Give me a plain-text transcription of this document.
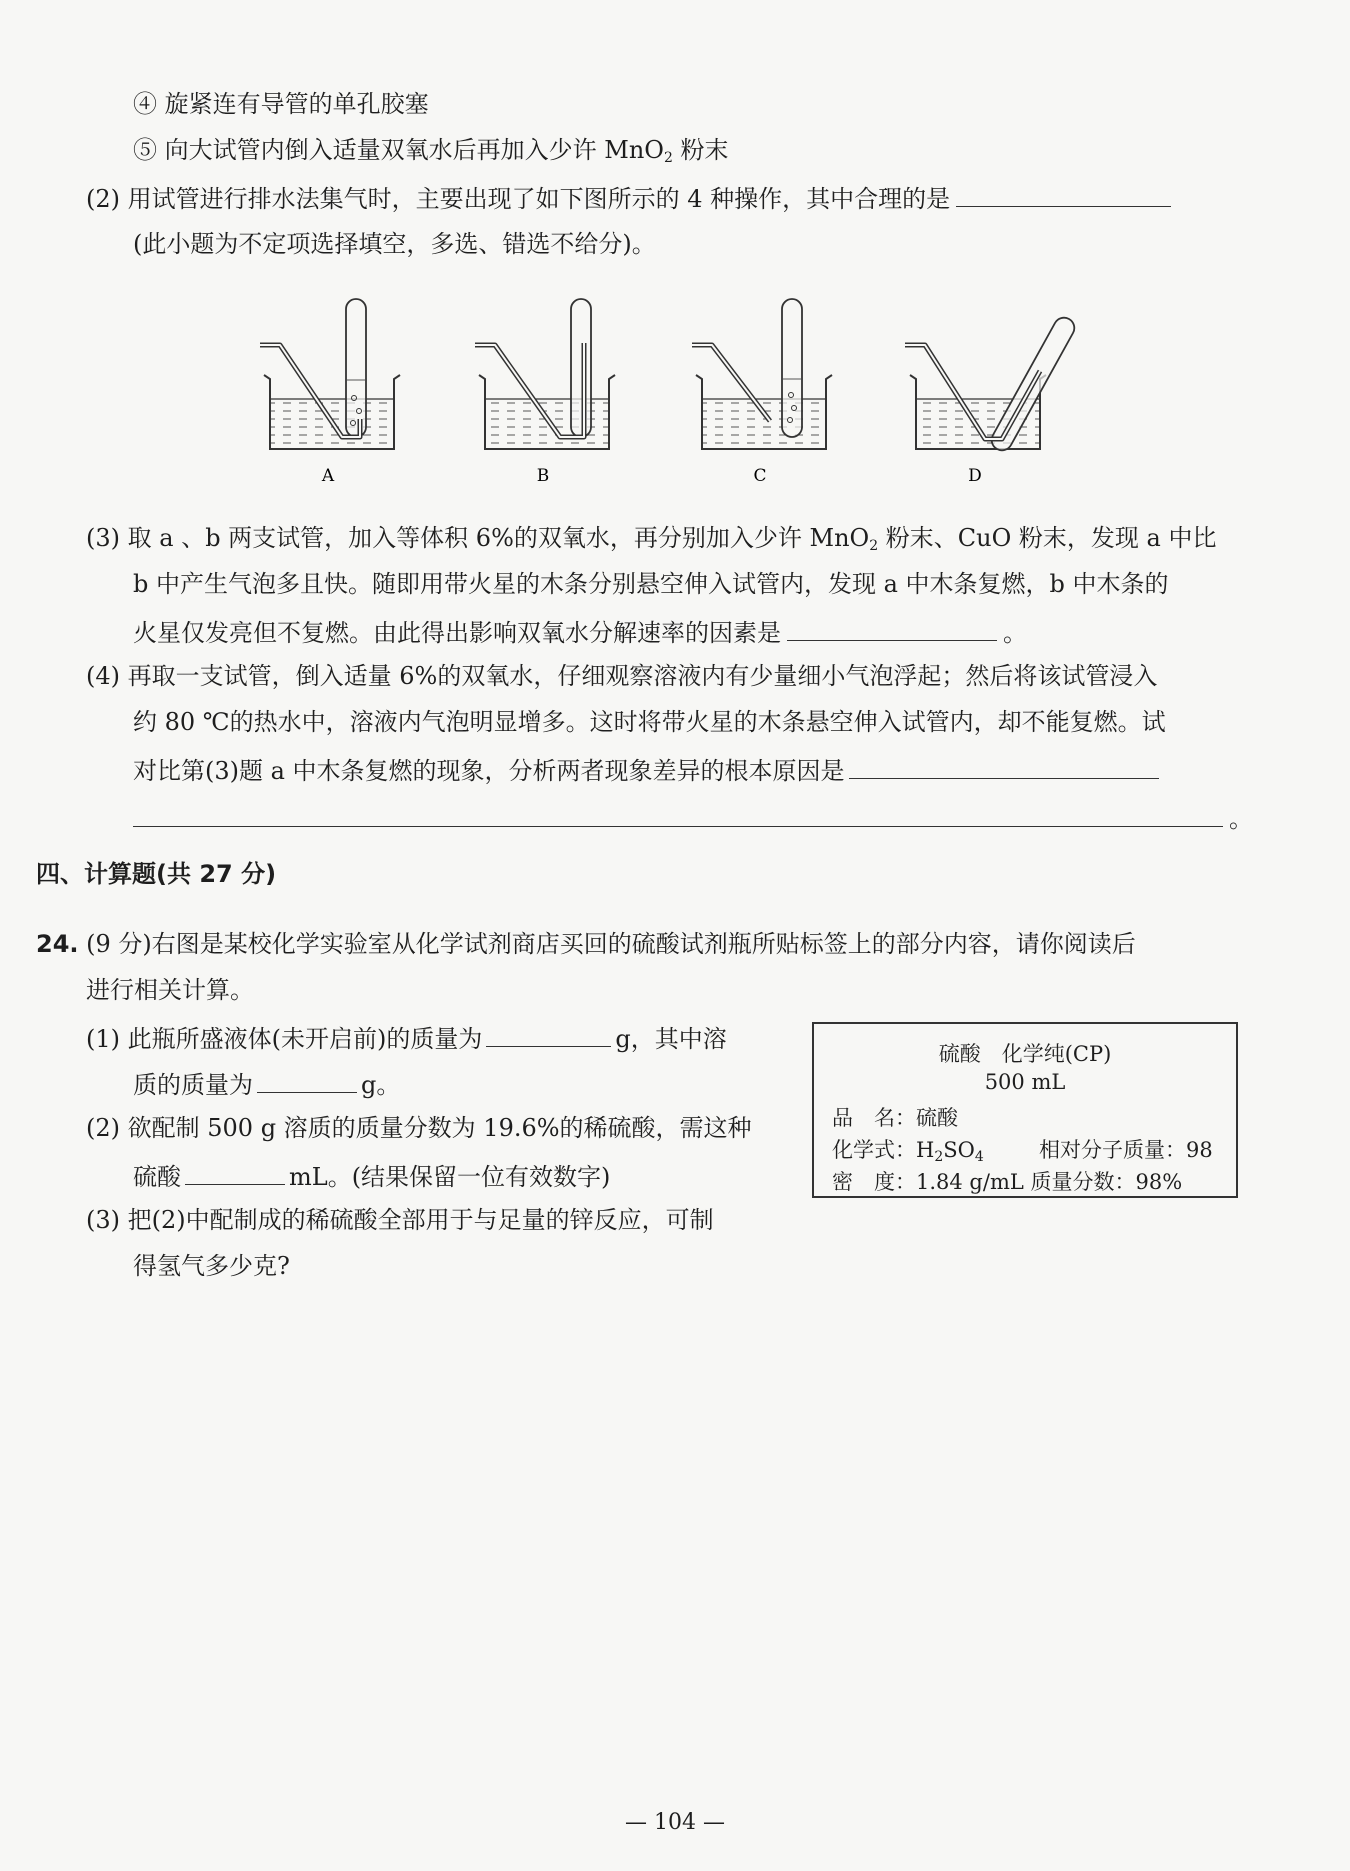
④ 旋紧连有导管的单孔胶塞
⑤ 向大试管内倒入适量双氧水后再加入少许 MnO$_2$ 粉末
(2) 用试管进行排水法集气时，主要出现了如下图所示的 4 种操作，其中合理的是
(此小题为不定项选择填空，多选、错选不给分)。
A	B	C	D
(3) 取 a 、b 两支试管，加入等体积 6%的双氧水，再分别加入少许 MnO$_2$ 粉末、CuO 粉末，发现 a 中比
b 中产生气泡多且快。随即用带火星的木条分别悬空伸入试管内，发现 a 中木条复燃，b 中木条的
火星仅发亮但不复燃。由此得出影响双氧水分解速率的因素是	。
(4) 再取一支试管，倒入适量 6%的双氧水，仔细观察溶液内有少量细小气泡浮起；然后将该试管浸入
约 80 ℃的热水中，溶液内气泡明显增多。这时将带火星的木条悬空伸入试管内，却不能复燃。试
对比第(3)题 a 中木条复燃的现象，分析两者现象差异的根本原因是
。
四、计算题(共 27 分)
24. (9 分)右图是某校化学实验室从化学试剂商店买回的硫酸试剂瓶所贴标签上的部分内容，请你阅读后
进行相关计算。
(1) 此瓶所盛液体(未开启前)的质量为	g，其中溶
质的质量为	g。
(2) 欲配制 500 g 溶质的质量分数为 19.6%的稀硫酸，需这种
硫酸	mL。(结果保留一位有效数字)
(3) 把(2)中配制成的稀硫酸全部用于与足量的锌反应，可制
得氢气多少克?
硫酸　化学纯(CP)
500 mL
品　名：硫酸
化学式：$H_2SO_4$	相对分子质量：98
密　度：1.84 g/mL 质量分数：98%
— 104 —
